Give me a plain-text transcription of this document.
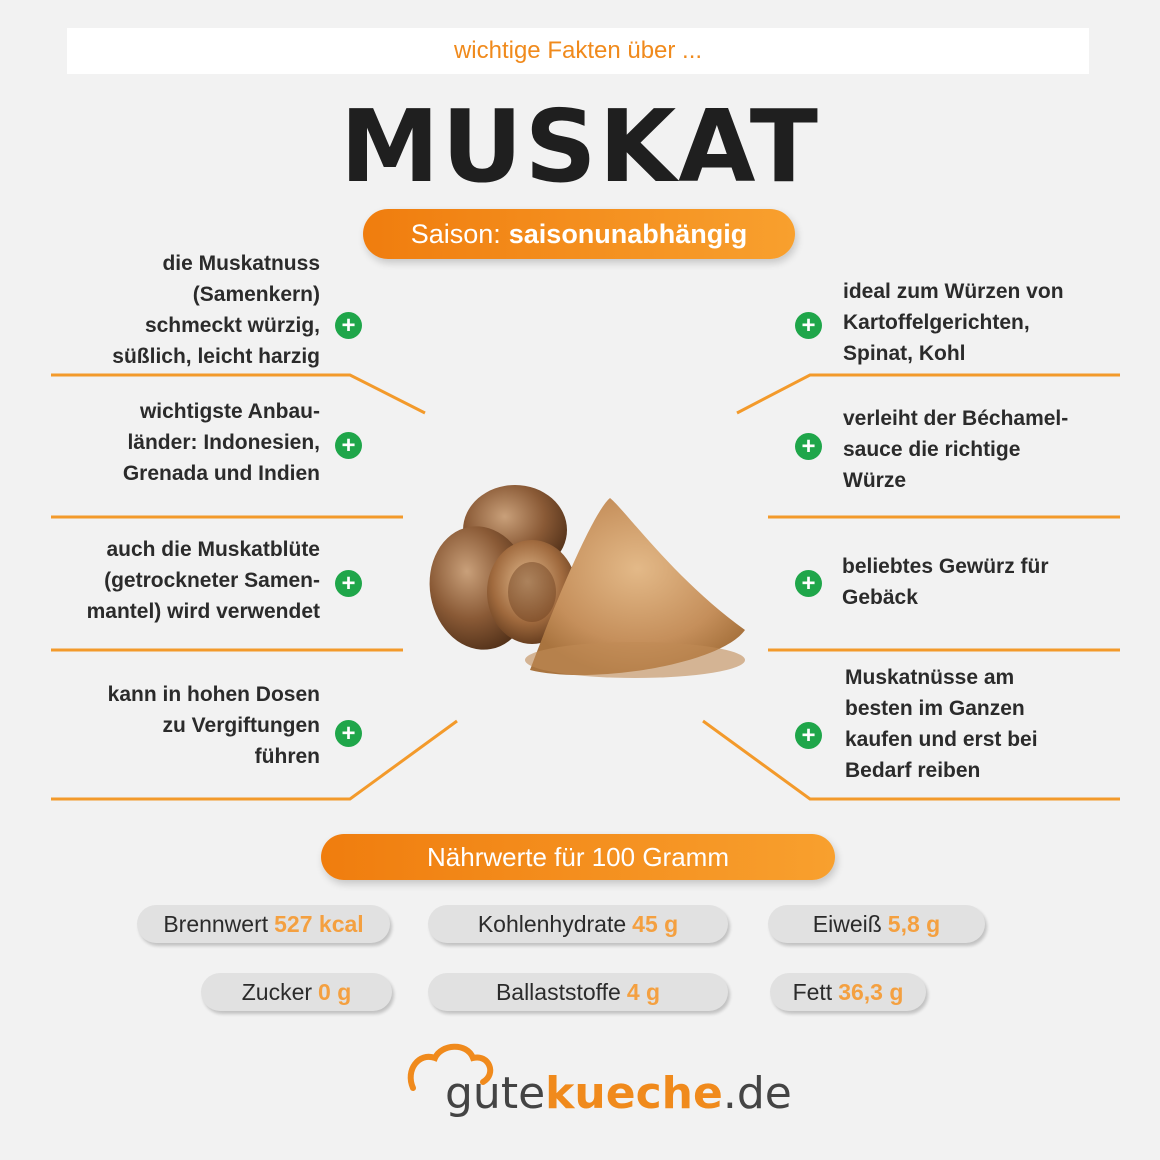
wichtige Fakten über ...
MUSKAT
Saison: saisonunabhängig
die Muskatnuss
(Samenkern)
schmeckt würzig,
süßlich, leicht harzig
+
wichtigste Anbau-
länder: Indonesien,
Grenada und Indien
+
auch die Muskatblüte
(getrockneter Samen-
mantel) wird verwendet
+
kann in hohen Dosen
zu Vergiftungen
führen
+
+
ideal zum Würzen von
Kartoffelgerichten,
Spinat, Kohl
+
verleiht der Béchamel-
sauce die richtige
Würze
+
beliebtes Gewürz für
Gebäck
+
Muskatnüsse am
besten im Ganzen
kaufen und erst bei
Bedarf reiben
Nährwerte für 100 Gramm
Brennwert 527 kcal	Kohlenhydrate 45 g	Eiweiß 5,8 g
Zucker 0 g	Ballaststoffe 4 g	Fett 36,3 g
gutekueche.de
